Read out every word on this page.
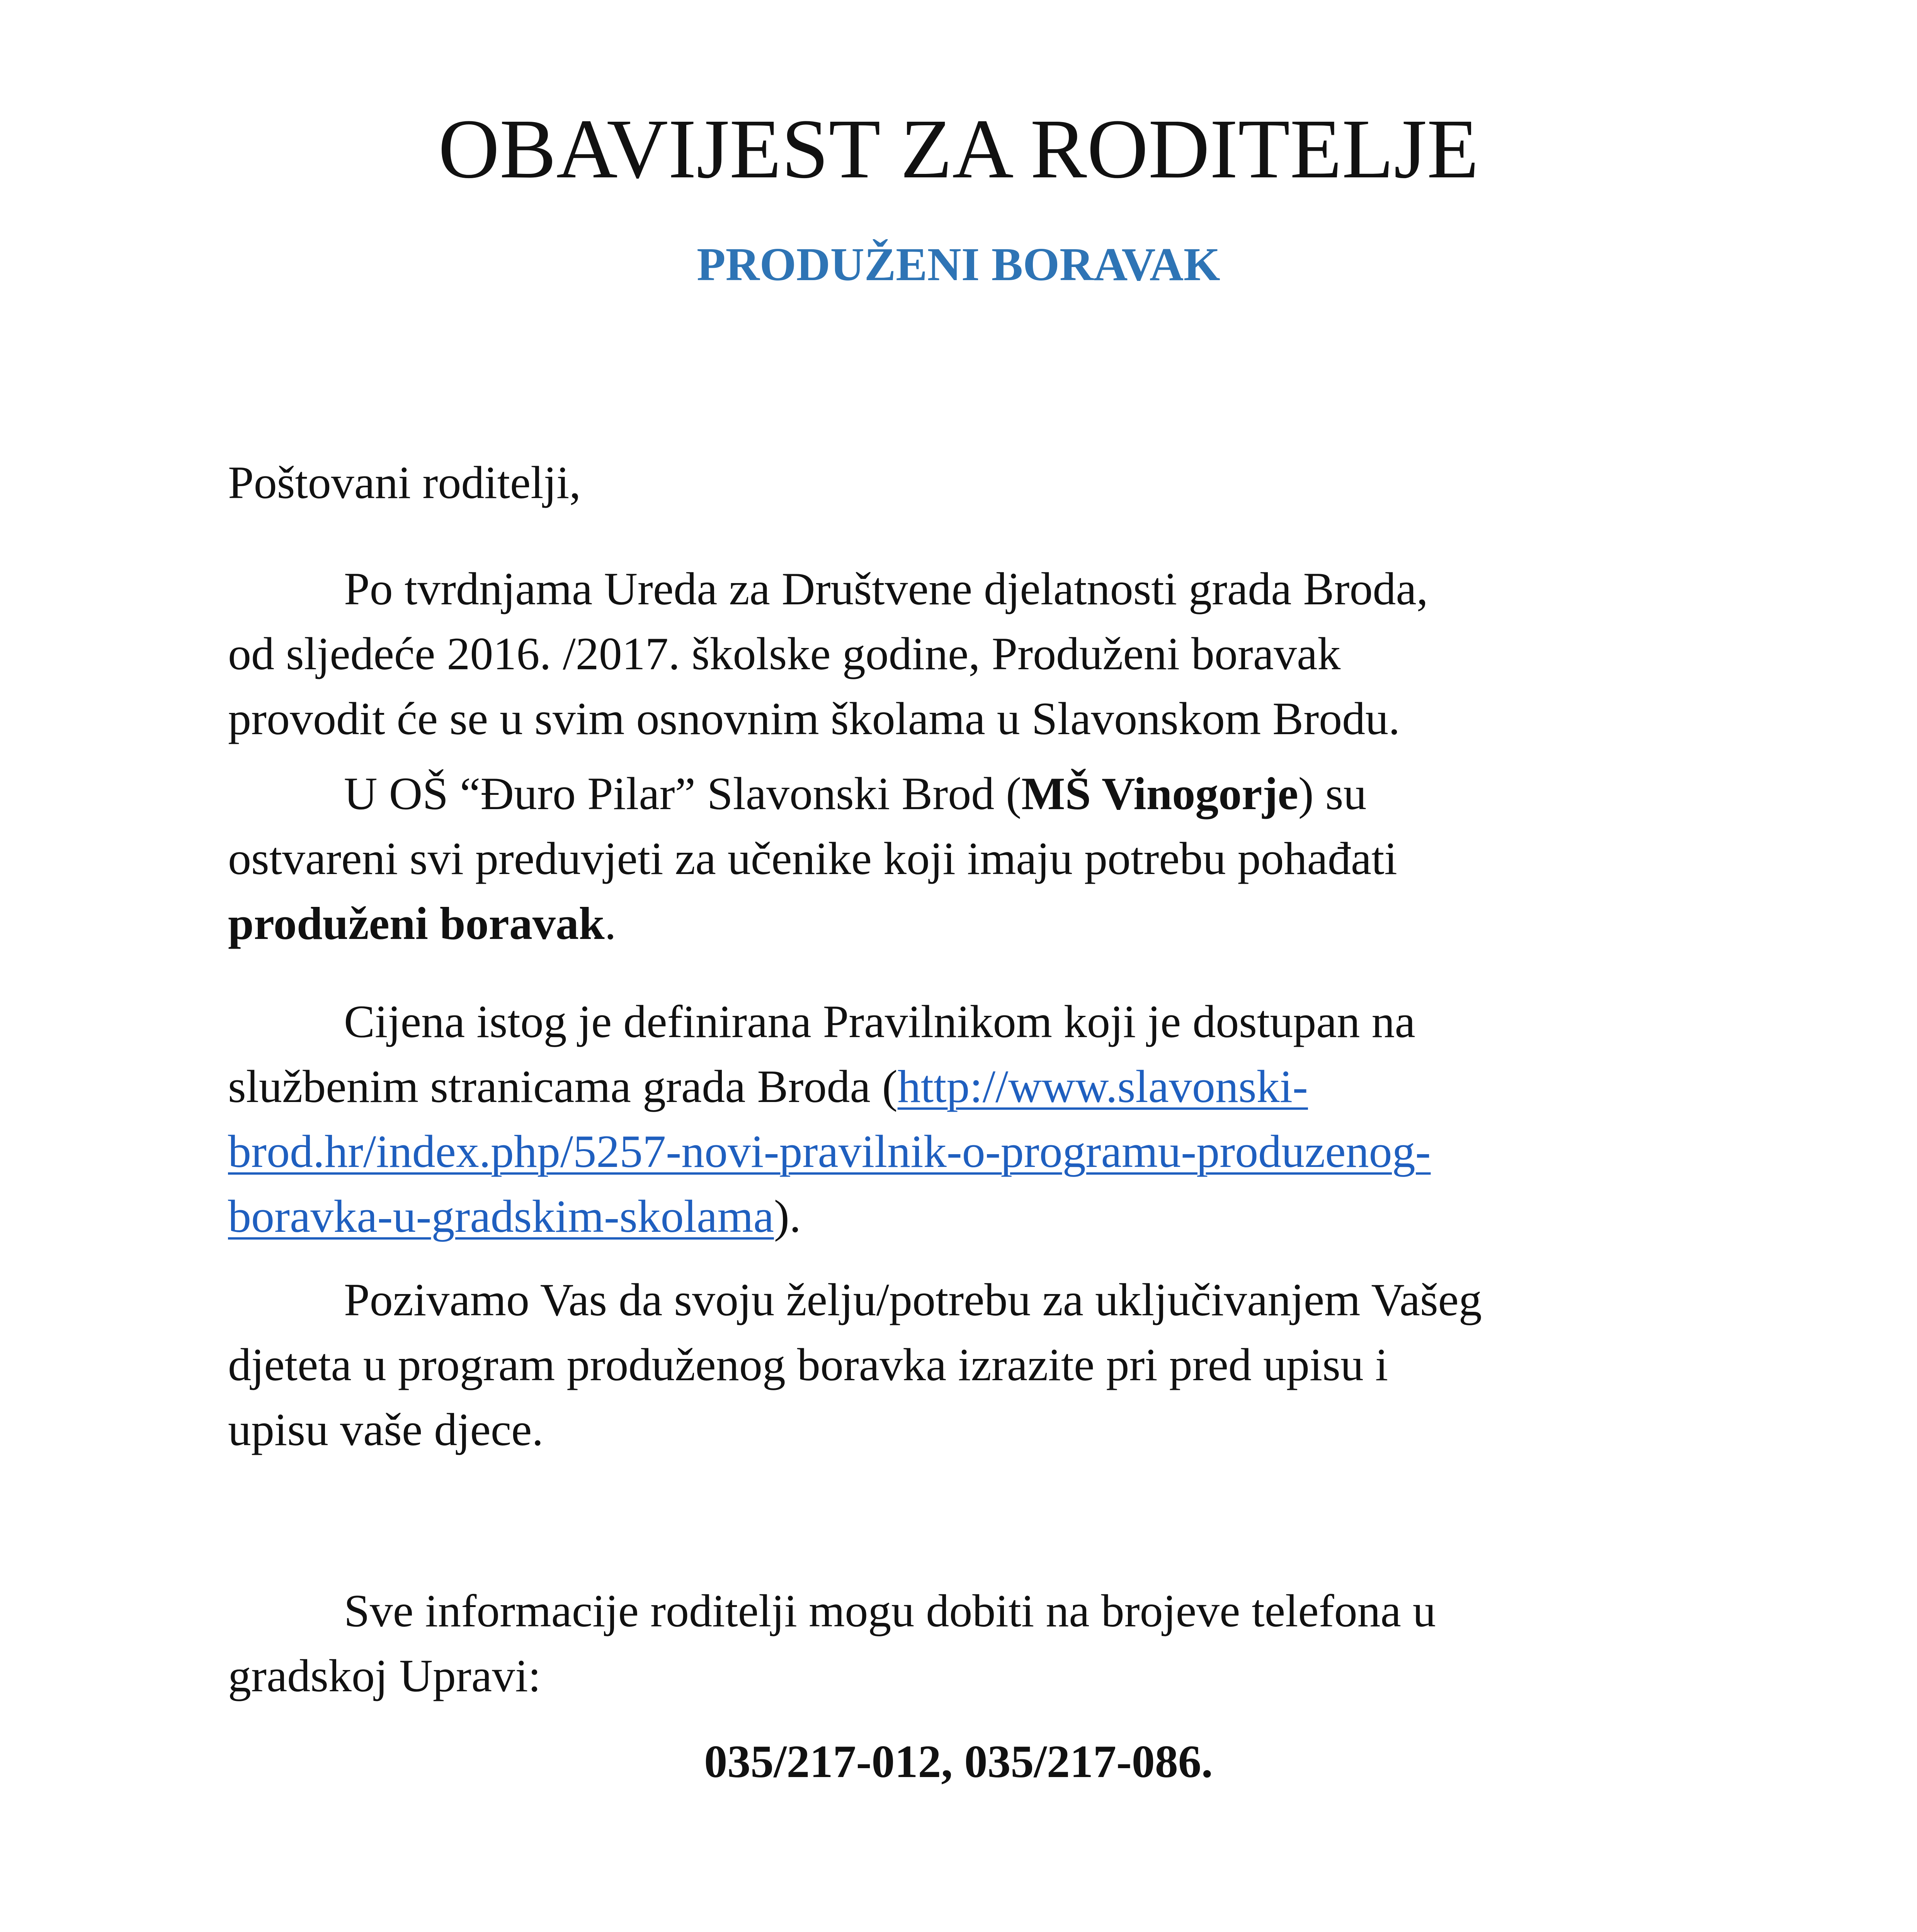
OBAVIJEST ZA RODITELJE
PRODUŽENI BORAVAK
Poštovani roditelji,
Po tvrdnjama Ureda za Društvene djelatnosti grada Broda,
od sljedeće 2016. /2017. školske godine, Produženi boravak
provodit će se u svim osnovnim školama u Slavonskom Brodu.
U OŠ “Đuro Pilar” Slavonski Brod (MŠ Vinogorje) su
ostvareni svi preduvjeti za učenike koji imaju potrebu pohađati
produženi boravak.
Cijena istog je definirana Pravilnikom koji je dostupan na
službenim stranicama grada Broda (http://www.slavonski-
brod.hr/index.php/5257-novi-pravilnik-o-programu-produzenog-
boravka-u-gradskim-skolama).
Pozivamo Vas da svoju želju/potrebu za uključivanjem Vašeg
djeteta u program produženog boravka izrazite pri pred upisu i
upisu vaše djece.
Sve informacije roditelji mogu dobiti na brojeve telefona u
gradskoj Upravi:
035/217-012, 035/217-086.
